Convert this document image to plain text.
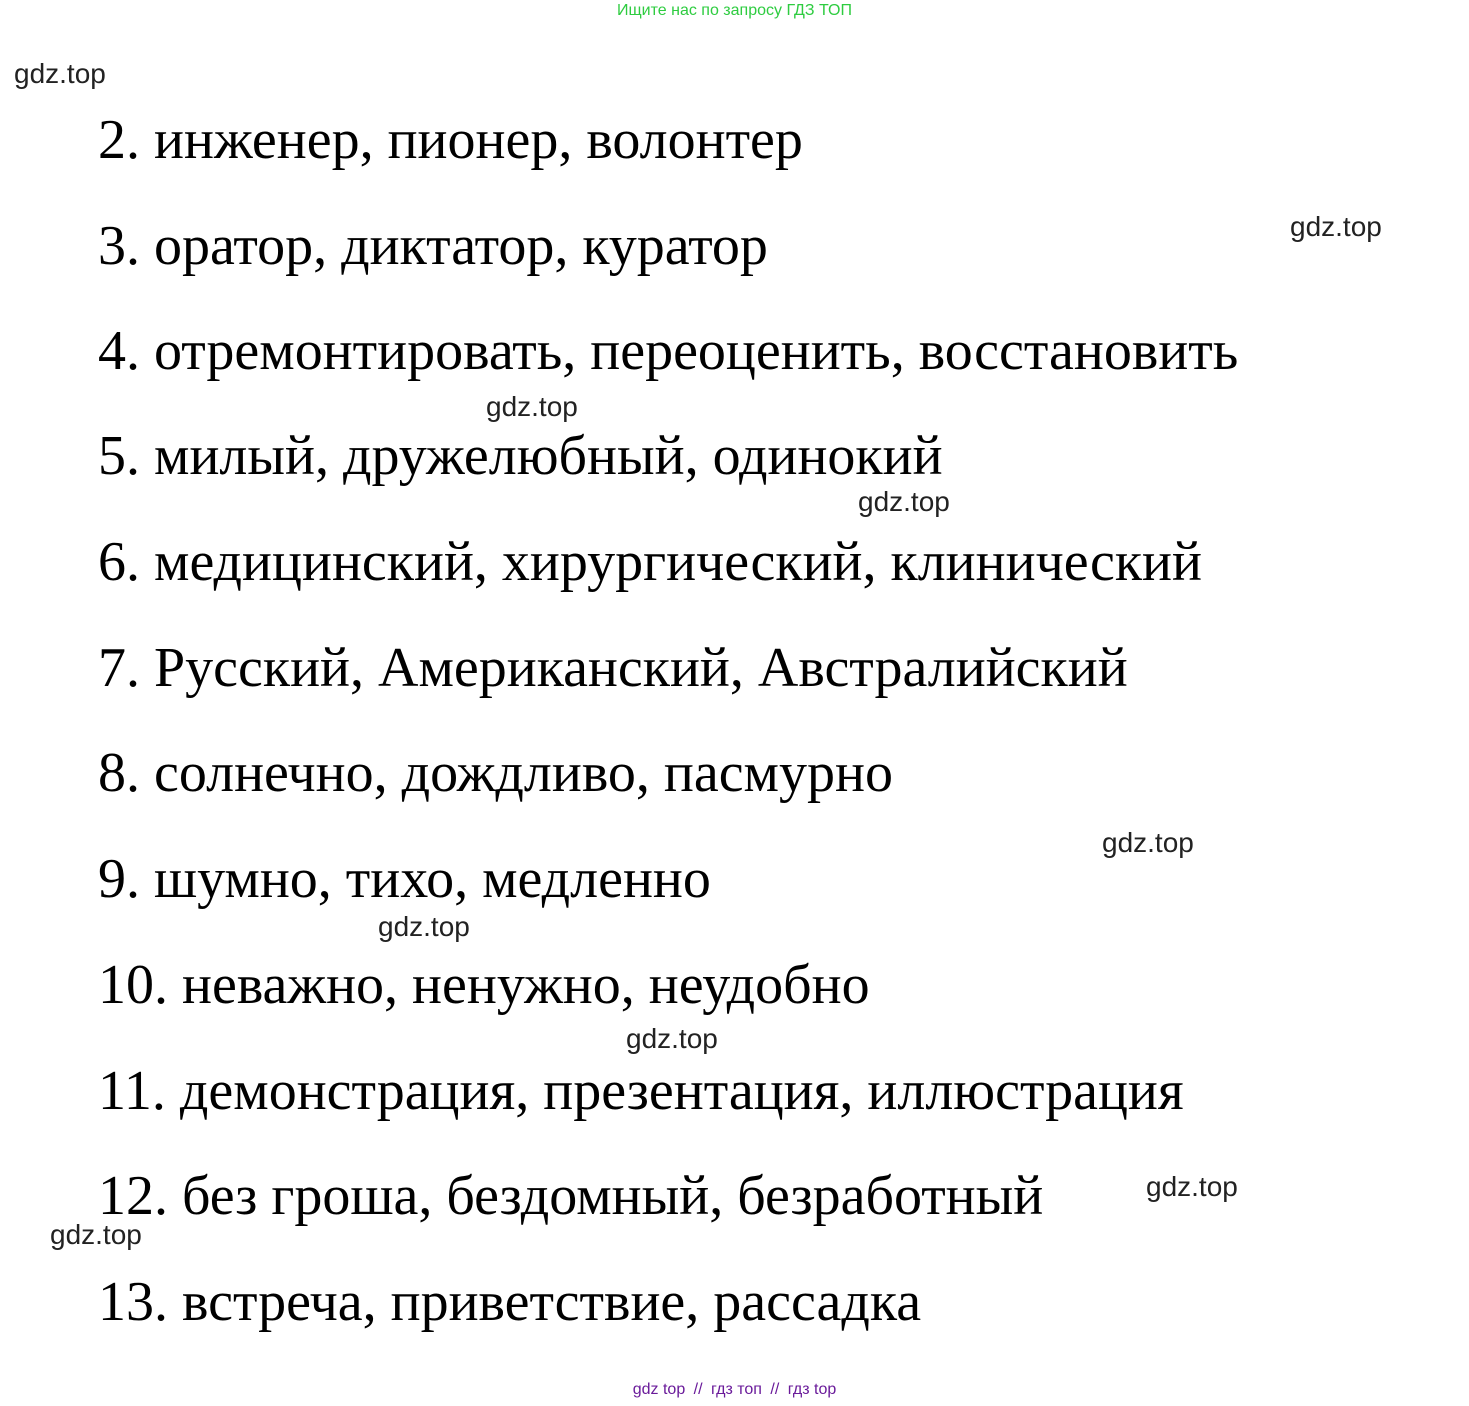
Ищите нас по запросу ГДЗ ТОП
2. инженер, пионер, волонтер
3. оратор, диктатор, куратор
4. отремонтировать, переоценить, восстановить
5. милый, дружелюбный, одинокий
6. медицинский, хирургический, клинический
7. Русский, Американский, Австралийский
8. солнечно, дождливо, пасмурно
9. шумно, тихо, медленно
10. неважно, ненужно, неудобно
11. демонстрация, презентация, иллюстрация
12. без гроша, бездомный, безработный
13. встреча, приветствие, рассадка
gdz.top
gdz.top
gdz.top
gdz.top
gdz.top
gdz.top
gdz.top
gdz.top
gdz.top
gdz top // гдз топ // гдз top
